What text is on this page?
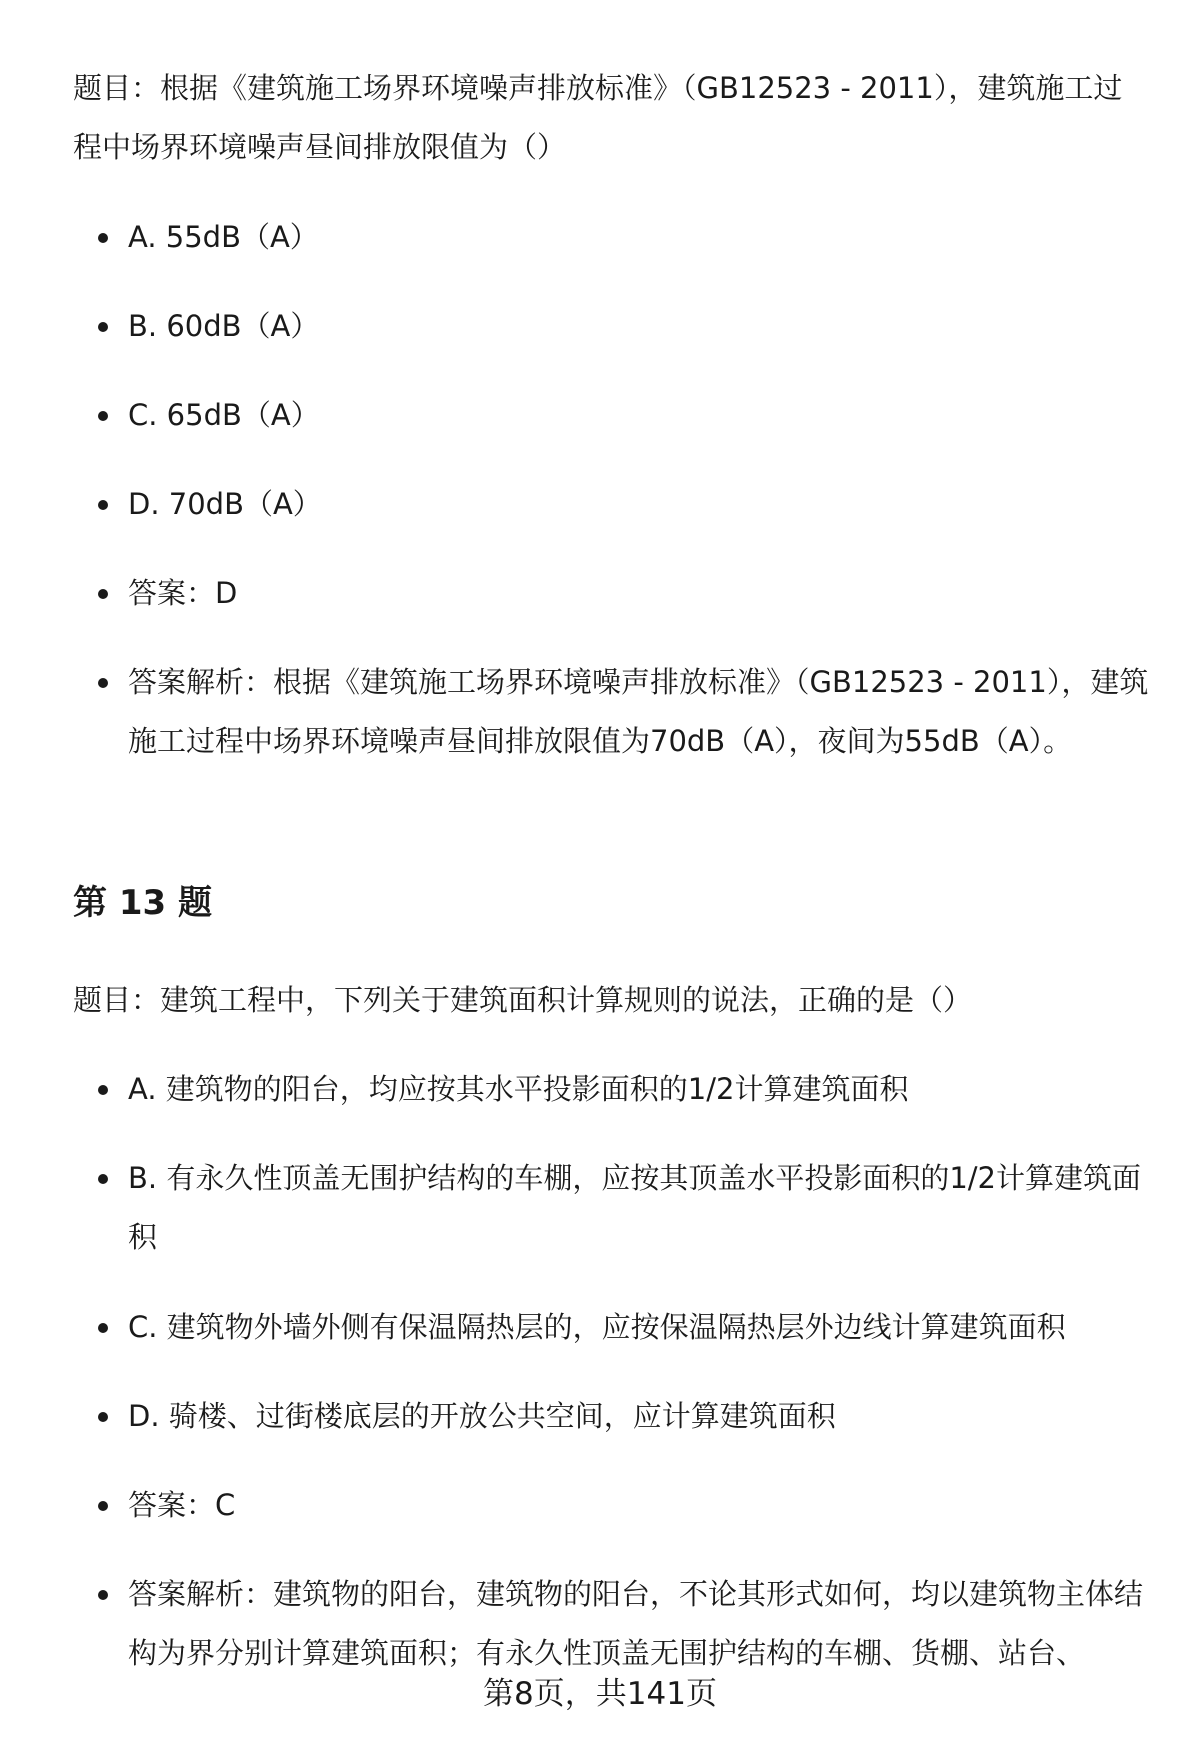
题目：根据《建筑施工场界环境噪声排放标准》（GB12523 - 2011），建筑施工过程中场界环境噪声昼间排放限值为（）

A. 55dB（A）
B. 60dB（A）
C. 65dB（A）
D. 70dB（A）
答案：D
答案解析：根据《建筑施工场界环境噪声排放标准》（GB12523 - 2011），建筑施工过程中场界环境噪声昼间排放限值为70dB（A），夜间为55dB（A）。
第 13 题

题目：建筑工程中，下列关于建筑面积计算规则的说法，正确的是（）

A. 建筑物的阳台，均应按其水平投影面积的1/2计算建筑面积
B. 有永久性顶盖无围护结构的车棚，应按其顶盖水平投影面积的1/2计算建筑面积
C. 建筑物外墙外侧有保温隔热层的，应按保温隔热层外边线计算建筑面积
D. 骑楼、过街楼底层的开放公共空间，应计算建筑面积
答案：C
答案解析：建筑物的阳台，建筑物的阳台，不论其形式如何，均以建筑物主体结构为界分别计算建筑面积；有永久性顶盖无围护结构的车棚、货棚、站台、

第8页，共141页
